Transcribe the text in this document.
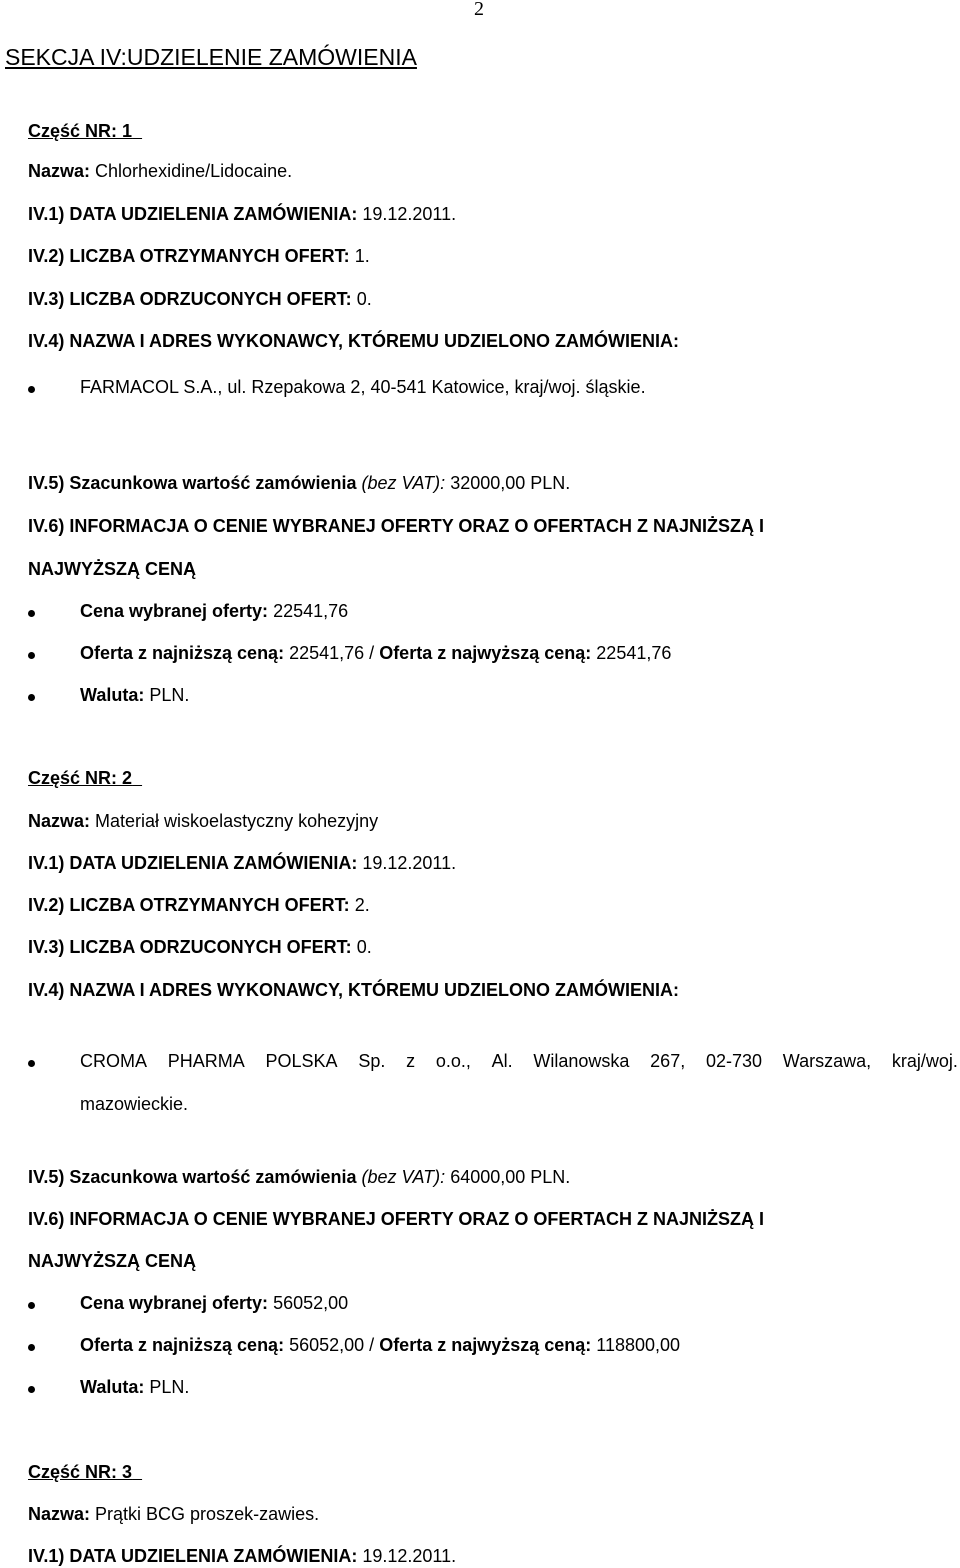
2
SEKCJA IV:UDZIELENIE ZAMÓWIENIA
Część NR: 1
Nazwa: Chlorhexidine/Lidocaine.
IV.1) DATA UDZIELENIA ZAMÓWIENIA: 19.12.2011.
IV.2) LICZBA OTRZYMANYCH OFERT: 1.
IV.3) LICZBA ODRZUCONYCH OFERT: 0.
IV.4) NAZWA I ADRES WYKONAWCY, KTÓREMU UDZIELONO ZAMÓWIENIA:
FARMACOL S.A., ul. Rzepakowa 2, 40-541 Katowice, kraj/woj. śląskie.
IV.5) Szacunkowa wartość zamówienia (bez VAT): 32000,00 PLN.
IV.6) INFORMACJA O CENIE WYBRANEJ OFERTY ORAZ O OFERTACH Z NAJNIŻSZĄ I
NAJWYŻSZĄ CENĄ
Cena wybranej oferty: 22541,76
Oferta z najniższą ceną: 22541,76 / Oferta z najwyższą ceną: 22541,76
Waluta: PLN.
Część NR: 2
Nazwa: Materiał wiskoelastyczny kohezyjny
IV.1) DATA UDZIELENIA ZAMÓWIENIA: 19.12.2011.
IV.2) LICZBA OTRZYMANYCH OFERT: 2.
IV.3) LICZBA ODRZUCONYCH OFERT: 0.
IV.4) NAZWA I ADRES WYKONAWCY, KTÓREMU UDZIELONO ZAMÓWIENIA:
CROMA PHARMA POLSKA Sp. z o.o., Al. Wilanowska 267, 02-730 Warszawa, kraj/woj.
mazowieckie.
IV.5) Szacunkowa wartość zamówienia (bez VAT): 64000,00 PLN.
IV.6) INFORMACJA O CENIE WYBRANEJ OFERTY ORAZ O OFERTACH Z NAJNIŻSZĄ I
NAJWYŻSZĄ CENĄ
Cena wybranej oferty: 56052,00
Oferta z najniższą ceną: 56052,00 / Oferta z najwyższą ceną: 118800,00
Waluta: PLN.
Część NR: 3
Nazwa: Prątki BCG proszek-zawies.
IV.1) DATA UDZIELENIA ZAMÓWIENIA: 19.12.2011.
